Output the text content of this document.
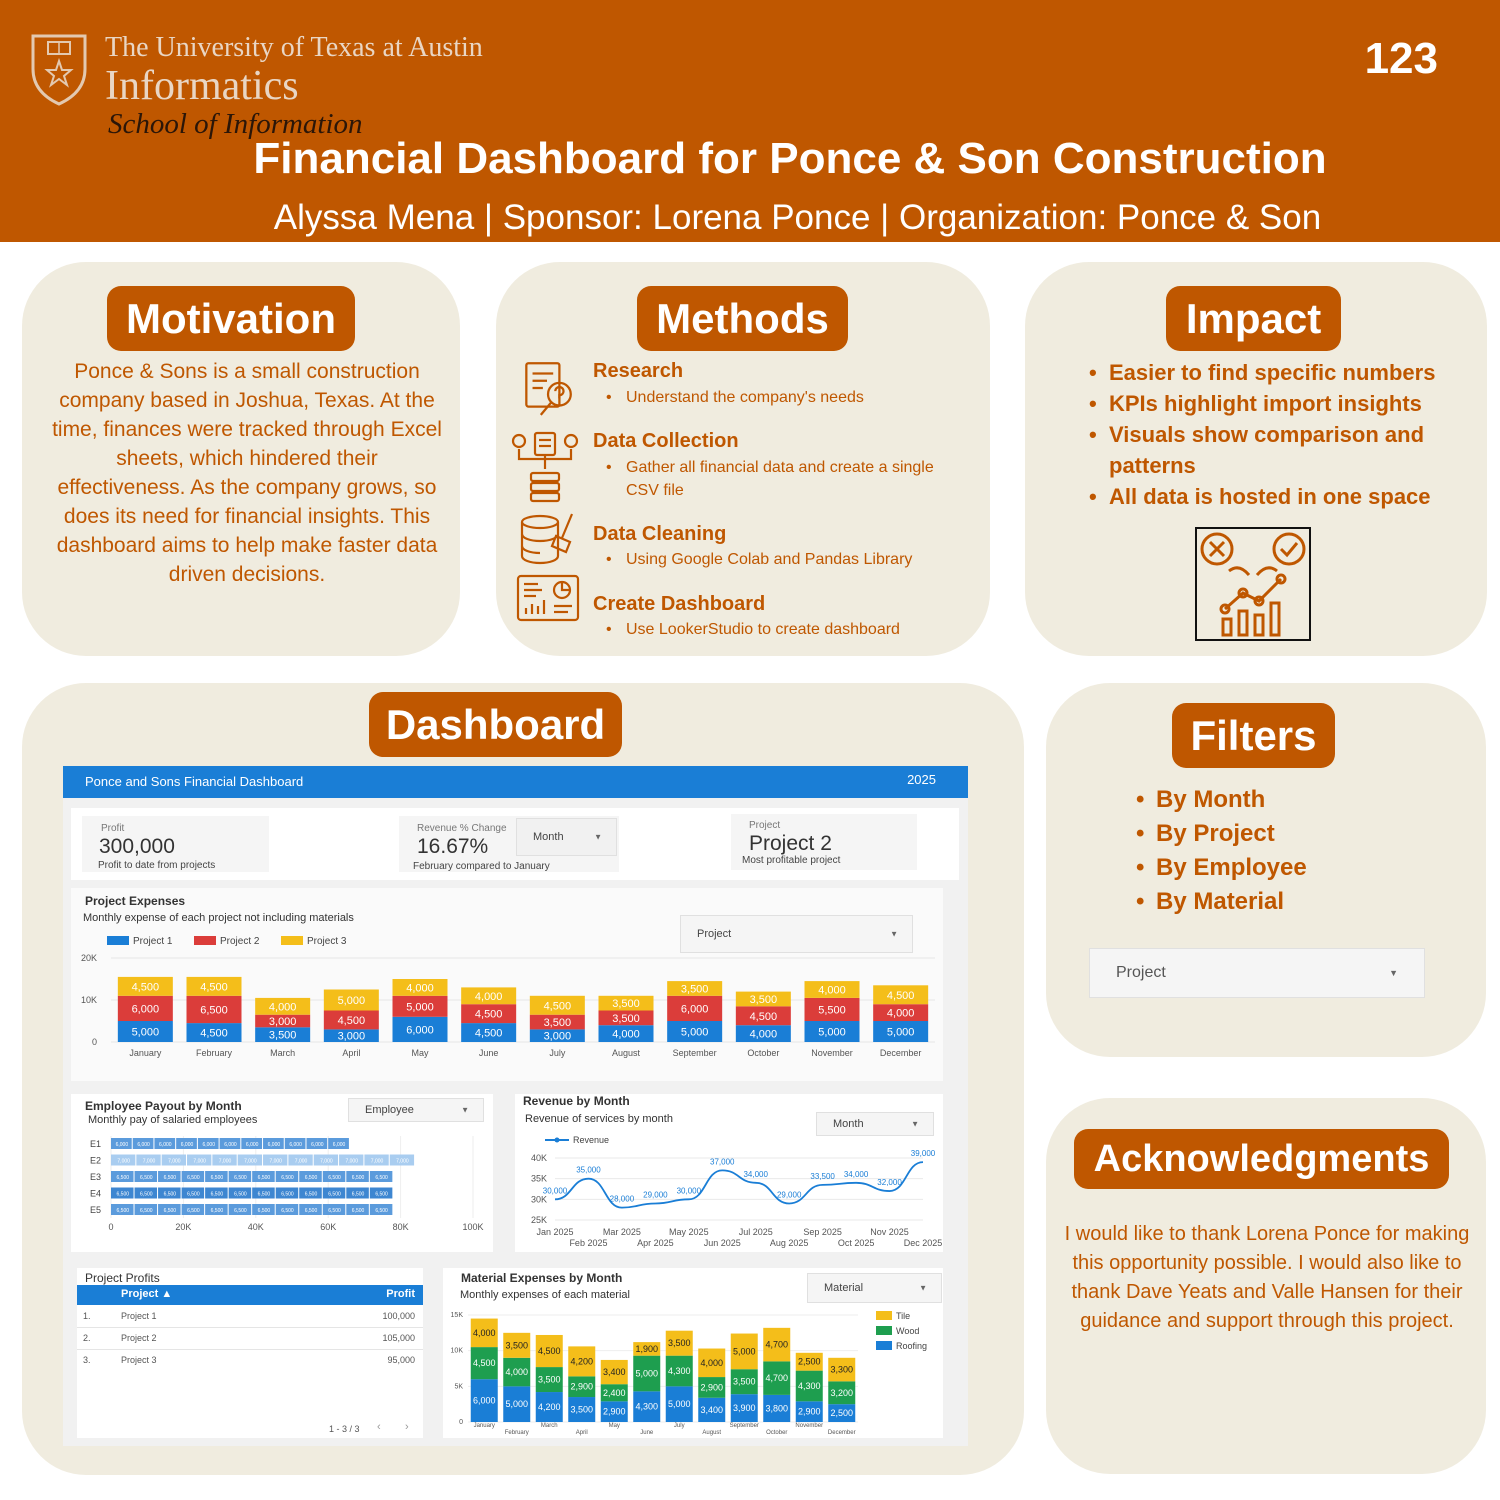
The University of Texas at Austin
Informatics
School of Information
123
Financial Dashboard for Ponce & Son Construction
Alyssa Mena | Sponsor: Lorena Ponce | Organization: Ponce & Son
Motivation
Ponce & Sons is a small construction company based in Joshua, Texas. At the time, finances were tracked through Excel sheets, which hindered their effectiveness. As the company grows, so does its need for financial insights. This dashboard aims to help make faster data driven decisions.
Methods
Research
• Understand the company's needs
Data Collection
• Gather all financial data and create a single CSV file
Data Cleaning
• Using Google Colab and Pandas Library
Create Dashboard
• Use LookerStudio to create dashboard
Impact
• Easier to find specific numbers
• KPIs highlight import insights
• Visuals show comparison and patterns
• All data is hosted in one space
Dashboard
Ponce and Sons Financial Dashboard	2025
Profit
300,000
Profit to date from projects
Revenue % Change
16.67%
February compared to January
Month	▼
Project
Project 2
Most profitable project
Project Expenses
Monthly expense of each project not including materials
Project	▼
Project 1	Project 2	Project 3
0
10K
20K
5,000
6,000
4,500
January
4,500
6,500
4,500
February
3,500
3,000
4,000
March
3,000
4,500
5,000
April
6,000
5,000
4,000
May
4,500
4,500
4,000
June
3,000
3,500
4,500
July
4,000
3,500
3,500
August
5,000
6,000
3,500
September
4,000
4,500
3,500
October
5,000
5,500
4,000
November
5,000
4,000
4,500
December
Employee Payout by Month
Monthly pay of salaried employees
Employee	▼
0	20K	40K	60K	80K	100K
E1	6,000 6,000 6,000 6,000 6,000 6,000 6,000 6,000 6,000 6,000 6,000
E2	7,000	7,000	7,000	7,000	7,000	7,000	7,000	7,000	7,000	7,000	7,000	7,000
E3	6,500 6,500 6,500 6,500 6,500 6,500 6,500 6,500 6,500 6,500 6,500 6,500
E4	6,500 6,500 6,500 6,500 6,500 6,500 6,500 6,500 6,500 6,500 6,500 6,500
E5	6,500 6,500 6,500 6,500 6,500 6,500 6,500 6,500 6,500 6,500 6,500 6,500
Revenue by Month
Revenue of services by month	Month	▼
Revenue
25K
30K
35K
40K
30,000
Jan 2025
35,000
Feb 2025
28,000
Mar 2025
29,000
Apr 2025
30,000
May 2025
37,000
Jun 2025
34,000
Jul 2025
29,000
Aug 2025
33,500
Sep 2025
34,000
Oct 2025
32,000
Nov 2025
39,000
Dec 2025
Project Profits
Project ▲	Profit
1.	Project 1	100,000
2.	Project 2	105,000
3.	Project 3	95,000
1 - 3 / 3 ‹ ›
Material Expenses by Month
Monthly expenses of each material
Material	▼
0
5K
10K
15K
6,000
4,500
4,000
January
5,000
4,000
3,500
February
4,200
3,500
4,500
March
3,500
2,900
4,200
April
2,900
2,400
3,400
May
4,300
5,000
1,900
June
5,000
4,300
3,500
July
3,400
2,900
4,000
August
3,900
3,500
5,000
September
3,800
4,700
4,700
October
2,900
4,300
2,500
November
2,500
3,200
3,300
December
Tile
Wood
Roofing
Filters
• By Month
• By Project
• By Employee
• By Material
Project	▼
Acknowledgments
I would like to thank Lorena Ponce for making this opportunity possible. I would also like to thank Dave Yeats and Valle Hansen for their guidance and support through this project.
